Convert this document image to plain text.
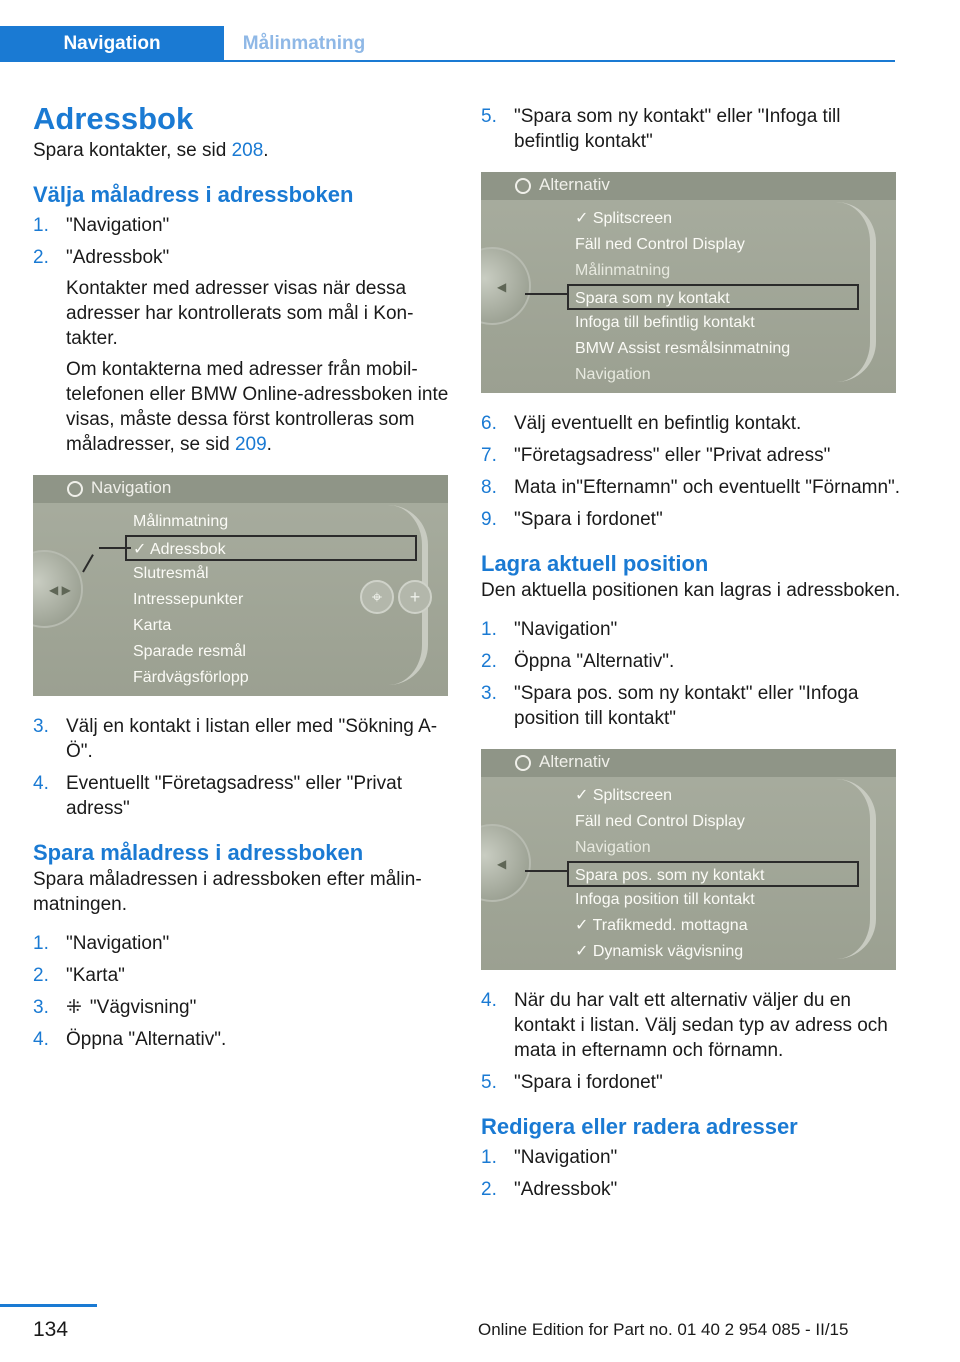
Navigation	Målinmatning
Adressbok

Spara kontakter, se sid 208.

Välja måladress i adressboken
1. "Navigation"
2. "Adressbok"
Kontakter med adresser visas när dessa adresser har kontrollerats som mål i Kontakter.
Om kontakterna med adresser från mobiltelefonen eller BMW Online-adressboken inte visas, måste dessa först kontrolleras som måladresser, se sid 209.
Navigation
◀ ▶
Målinmatning
✓ Adressbok
Slutresmål
Intressepunkter
Karta
Sparade resmål
Färdvägsförlopp
⌖ +
3. Välj en kontakt i listan eller med "Sökning A-Ö".
4. Eventuellt "Företagsadress" eller "Privat adress"
Spara måladress i adressboken

Spara måladressen i adressboken efter målinmatningen.

1. "Navigation"
2. "Karta"
3. ⁜ "Vägvisning"
4. Öppna "Alternativ".
5. "Spara som ny kontakt" eller "Infoga till befintlig kontakt"
Alternativ
◀
✓ Splitscreen
Fäll ned Control Display
Målinmatning
Spara som ny kontakt
Infoga till befintlig kontakt
BMW Assist resmålsinmatning
Navigation
6. Välj eventuellt en befintlig kontakt.
7. "Företagsadress" eller "Privat adress"
8. Mata in"Efternamn" och eventuellt "Förnamn".
9. "Spara i fordonet"
Lagra aktuell position

Den aktuella positionen kan lagras i adressboken.

1. "Navigation"
2. Öppna "Alternativ".
3. "Spara pos. som ny kontakt" eller "Infoga position till kontakt"
Alternativ
◀
✓ Splitscreen
Fäll ned Control Display
Navigation
Spara pos. som ny kontakt
Infoga position till kontakt
✓ Trafikmedd. mottagna
✓ Dynamisk vägvisning
4. När du har valt ett alternativ väljer du en kontakt i listan. Välj sedan typ av adress och mata in efternamn och förnamn.
5. "Spara i fordonet"
Redigera eller radera adresser
1. "Navigation"
2. "Adressbok"
134	Online Edition for Part no. 01 40 2 954 085 - II/15
